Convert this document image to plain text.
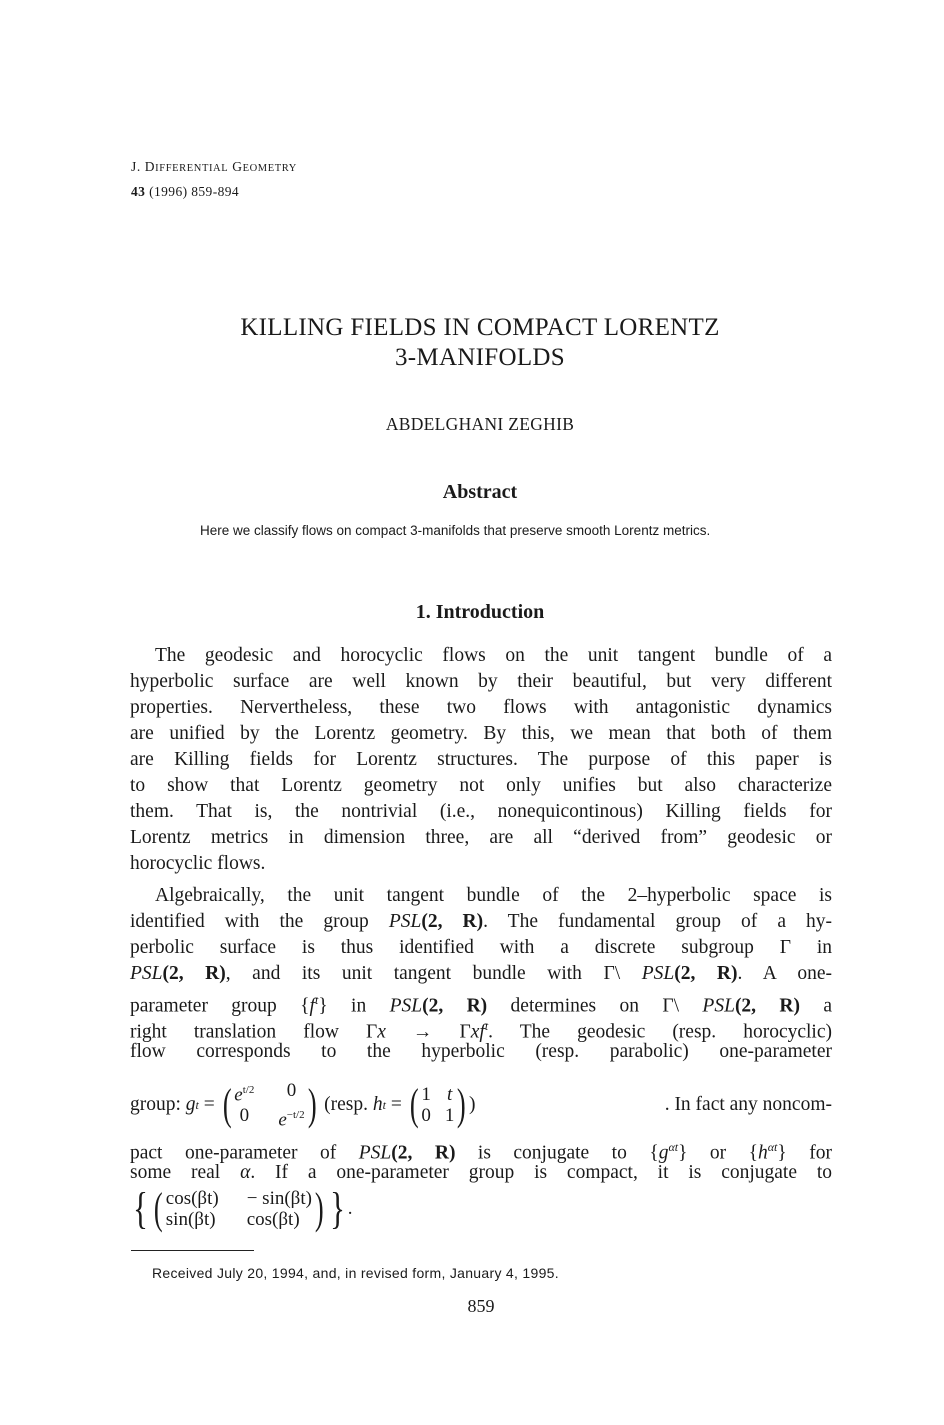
J. DIFFERENTIAL GEOMETRY
43 (1996) 859-894
KILLING FIELDS IN COMPACT LORENTZ
3-MANIFOLDS
ABDELGHANI ZEGHIB
Abstract
Here we classify flows on compact 3-manifolds that preserve smooth Lorentz metrics.
1. Introduction
The geodesic and horocyclic flows on the unit tangent bundle of a
hyperbolic surface are well known by their beautiful, but very different
properties. Nervertheless, these two flows with antagonistic dynamics
are unified by the Lorentz geometry. By this, we mean that both of them
are Killing fields for Lorentz structures. The purpose of this paper is
to show that Lorentz geometry not only unifies but also characterize
them. That is, the nontrivial (i.e., nonequicontinous) Killing fields for
Lorentz metrics in dimension three, are all “derived from” geodesic or
horocyclic flows.
Algebraically, the unit tangent bundle of the 2–hyperbolic space is
identified with the group PSL(2, R). The fundamental group of a hy-
perbolic surface is thus identified with a discrete subgroup Γ in
PSL(2, R), and its unit tangent bundle with Γ\ PSL(2, R). A one-
parameter group $\{f^t\}$ in PSL(2, R) determines on Γ\ PSL(2, R) a
right translation flow Γx → Γxf$^t$. The geodesic (resp. horocyclic)
flow corresponds to the hyperbolic (resp. parabolic) one-parameter
group:
g t
=
( $e^{t/2}$	0
0 $e^{-t/2}$ )
(resp.
h t
=
( 1 t
0 1 ) )	. In fact any noncom-
pact one-parameter of PSL(2, R) is conjugate to $\{g^{\alpha t}\}$ or $\{h^{\alpha t}\}$ for
some real α. If a one-parameter group is compact, it is conjugate to
{ ( cos(βt) − sin(βt)
sin(βt) cos(βt) ) } .
Received July 20, 1994, and, in revised form, January 4, 1995.
859
